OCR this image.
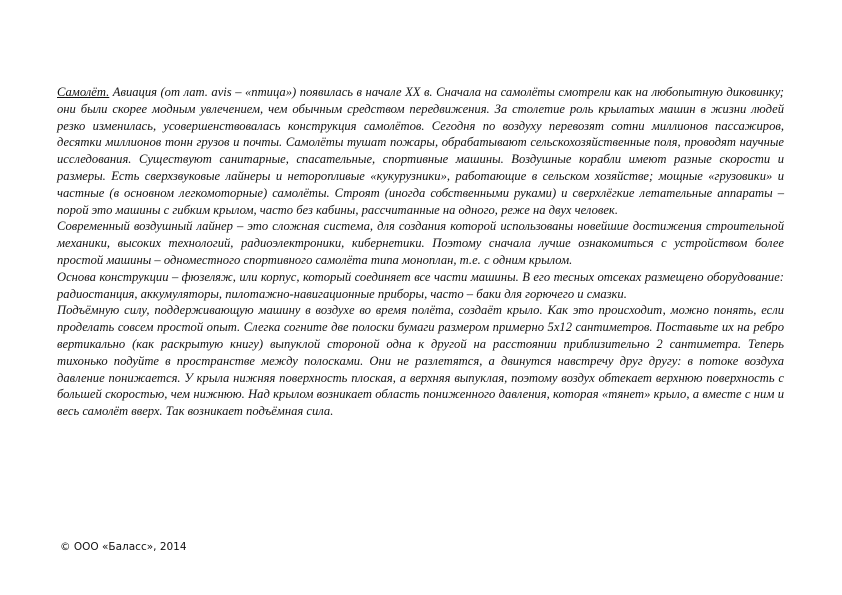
Самолёт. Авиация (от лат. avis – «птица») появилась в начале XX в. Сначала на самолёты смотрели как на любопытную диковинку; они были скорее модным увлечением, чем обычным средством передвижения. За столетие роль крылатых машин в жизни людей резко изменилась, усовершенствовалась конструкция самолётов. Сегодня по воздуху перевозят сотни миллионов пассажиров, десятки миллионов тонн грузов и почты. Самолёты тушат пожары, обрабатывают сельскохозяйственные поля, проводят научные исследования. Существуют санитарные, спасательные, спортивные машины. Воздушные корабли имеют разные скорости и размеры. Есть сверхзвуковые лайнеры и неторопливые «кукурузники», работающие в сельском хозяйстве; мощные «грузовики» и частные (в основном легкомоторные) самолёты. Строят (иногда собственными руками) и сверхлёгкие летательные аппараты – порой это машины с гибким крылом, часто без кабины, рассчитанные на одного, реже на двух человек.

Современный воздушный лайнер – это сложная система, для создания которой использованы новейшие достижения строительной механики, высоких технологий, радиоэлектроники, кибернетики. Поэтому сначала лучше ознакомиться с устройством более простой машины – одноместного спортивного самолёта типа моноплан, т.е. с одним крылом.

Основа конструкции – фюзеляж, или корпус, который соединяет все части машины. В его тесных отсеках размещено оборудование: радиостанция, аккумуляторы, пилотажно-навигационные приборы, часто – баки для горючего и смазки.

Подъёмную силу, поддерживающую машину в воздухе во время полёта, создаёт крыло. Как это происходит, можно понять, если проделать совсем простой опыт. Слегка согните две полоски бумаги размером примерно 5х12 сантиметров. Поставьте их на ребро вертикально (как раскрытую книгу) выпуклой стороной одна к другой на расстоянии приблизительно 2 сантиметра. Теперь тихонько подуйте в пространстве между полосками. Они не разлетятся, а двинутся навстречу друг другу: в потоке воздуха давление понижается. У крыла нижняя поверхность плоская, а верхняя выпуклая, поэтому воздух обтекает верхнюю поверхность с большей скоростью, чем нижнюю. Над крылом возникает область пониженного давления, которая «тянет» крыло, а вместе с ним и весь самолёт вверх. Так возникает подъёмная сила.

© ООО «Баласс», 2014
